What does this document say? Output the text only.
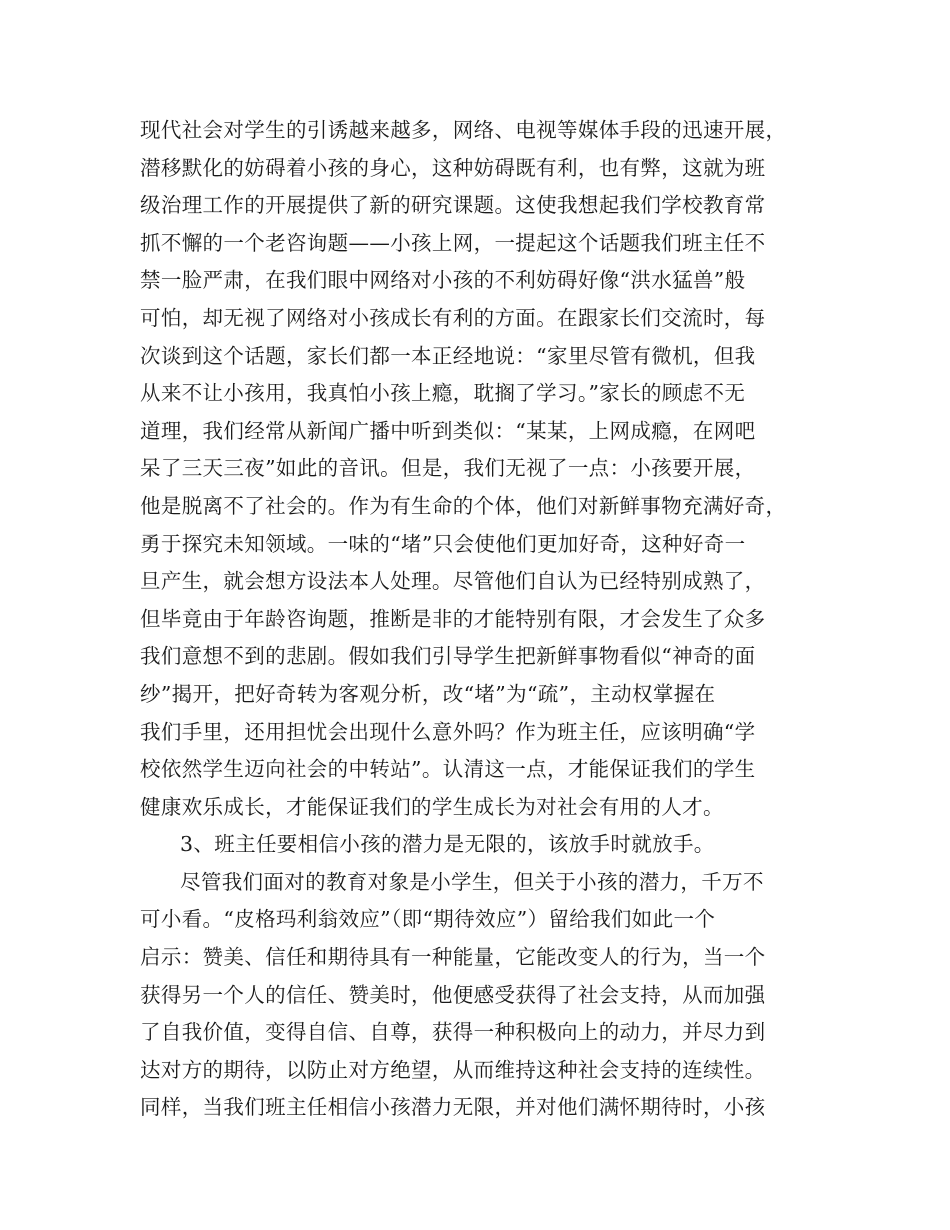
现代社会对学生的引诱越来越多，网络、电视等媒体手段的迅速开展，
潜移默化的妨碍着小孩的身心，这种妨碍既有利，也有弊，这就为班
级治理工作的开展提供了新的研究课题。这使我想起我们学校教育常
抓不懈的一个老咨询题——小孩上网，一提起这个话题我们班主任不
禁一脸严肃，在我们眼中网络对小孩的不利妨碍好像“洪水猛兽”般
可怕，却无视了网络对小孩成长有利的方面。在跟家长们交流时，每
次谈到这个话题，家长们都一本正经地说：“家里尽管有微机，但我
从来不让小孩用，我真怕小孩上瘾，耽搁了学习。”家长的顾虑不无
道理，我们经常从新闻广播中听到类似：“某某，上网成瘾，在网吧
呆了三天三夜”如此的音讯。但是，我们无视了一点：小孩要开展，
他是脱离不了社会的。作为有生命的个体，他们对新鲜事物充满好奇，
勇于探究未知领域。一味的“堵”只会使他们更加好奇，这种好奇一
旦产生，就会想方设法本人处理。尽管他们自认为已经特别成熟了，
但毕竟由于年龄咨询题，推断是非的才能特别有限，才会发生了众多
我们意想不到的悲剧。假如我们引导学生把新鲜事物看似“神奇的面
纱”揭开，把好奇转为客观分析，改“堵”为“疏”，主动权掌握在
我们手里，还用担忧会出现什么意外吗？作为班主任，应该明确“学
校依然学生迈向社会的中转站”。认清这一点，才能保证我们的学生
健康欢乐成长，才能保证我们的学生成长为对社会有用的人才。
3、班主任要相信小孩的潜力是无限的，该放手时就放手。
尽管我们面对的教育对象是小学生，但关于小孩的潜力，千万不
可小看。“皮格玛利翁效应”（即“期待效应”）留给我们如此一个
启示：赞美、信任和期待具有一种能量，它能改变人的行为，当一个
获得另一个人的信任、赞美时，他便感受获得了社会支持，从而加强
了自我价值，变得自信、自尊，获得一种积极向上的动力，并尽力到
达对方的期待，以防止对方绝望，从而维持这种社会支持的连续性。
同样，当我们班主任相信小孩潜力无限，并对他们满怀期待时，小孩
